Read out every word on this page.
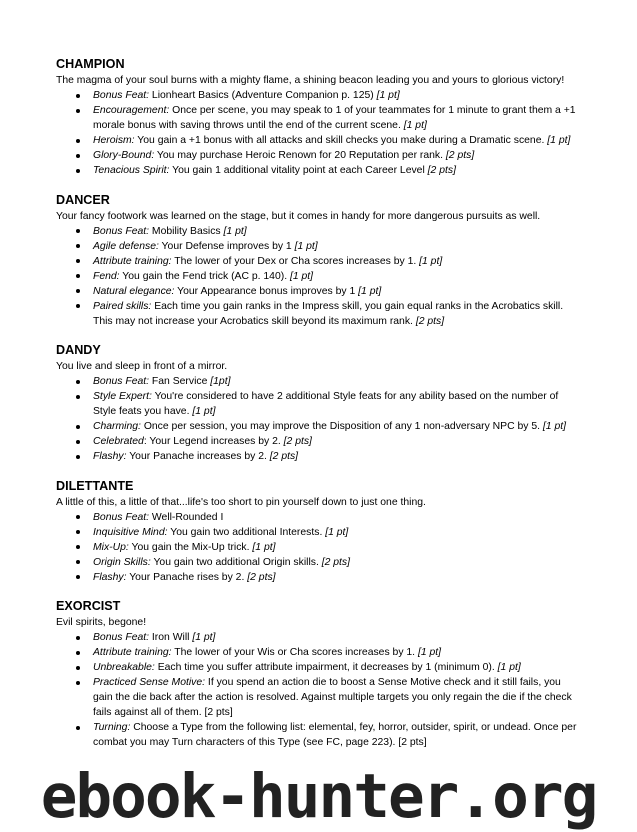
CHAMPION

The magma of your soul burns with a mighty flame, a shining beacon leading you and yours to glorious victory!

Bonus Feat: Lionheart Basics (Adventure Companion p. 125) [1 pt]
Encouragement: Once per scene, you may speak to 1 of your teammates for 1 minute to grant them a +1 morale bonus with saving throws until the end of the current scene. [1 pt]
Heroism: You gain a +1 bonus with all attacks and skill checks you make during a Dramatic scene. [1 pt]
Glory-Bound: You may purchase Heroic Renown for 20 Reputation per rank. [2 pts]
Tenacious Spirit: You gain 1 additional vitality point at each Career Level [2 pts]
DANCER

Your fancy footwork was learned on the stage, but it comes in handy for more dangerous pursuits as well.

Bonus Feat: Mobility Basics [1 pt]
Agile defense: Your Defense improves by 1 [1 pt]
Attribute training: The lower of your Dex or Cha scores increases by 1. [1 pt]
Fend: You gain the Fend trick (AC p. 140). [1 pt]
Natural elegance: Your Appearance bonus improves by 1 [1 pt]
Paired skills: Each time you gain ranks in the Impress skill, you gain equal ranks in the Acrobatics skill. This may not increase your Acrobatics skill beyond its maximum rank. [2 pts]
DANDY

You live and sleep in front of a mirror.

Bonus Feat: Fan Service [1pt]
Style Expert: You're considered to have 2 additional Style feats for any ability based on the number of Style feats you have. [1 pt]
Charming: Once per session, you may improve the Disposition of any 1 non-adversary NPC by 5. [1 pt]
Celebrated: Your Legend increases by 2. [2 pts]
Flashy: Your Panache increases by 2. [2 pts]
DILETTANTE

A little of this, a little of that...life's too short to pin yourself down to just one thing.

Bonus Feat: Well-Rounded I
Inquisitive Mind: You gain two additional Interests. [1 pt]
Mix-Up: You gain the Mix-Up trick. [1 pt]
Origin Skills: You gain two additional Origin skills. [2 pts]
Flashy: Your Panache rises by 2. [2 pts]
EXORCIST

Evil spirits, begone!

Bonus Feat: Iron Will [1 pt]
Attribute training: The lower of your Wis or Cha scores increases by 1. [1 pt]
Unbreakable: Each time you suffer attribute impairment, it decreases by 1 (minimum 0). [1 pt]
Practiced Sense Motive: If you spend an action die to boost a Sense Motive check and it still fails, you gain the die back after the action is resolved. Against multiple targets you only regain the die if the check fails against all of them. [2 pts]
Turning: Choose a Type from the following list: elemental, fey, horror, outsider, spirit, or undead. Once per combat you may Turn characters of this Type (see FC, page 223). [2 pts]
ebook-hunter.org
